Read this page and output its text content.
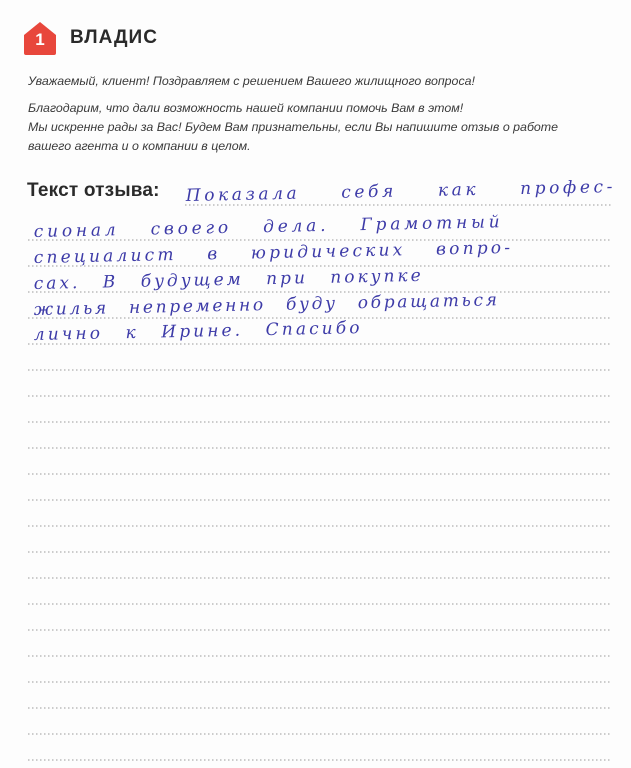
1	ВЛАДИС

Уважаемый, клиент! Поздравляем с решением Вашего жилищного вопроса!

Благодарим, что дали возможность нашей компании помочь Вам в этом!

Мы искренне рады за Вас! Будем Вам признательны, если Вы напишите отзыв о работе

вашего агента и о компании в целом.

Текст отзыва: Показала себя как профес-
сионал своего дела. Грамотный
специалист в юридических вопро-
сах. В будущем при покупке
жилья непременно буду обращаться
лично к Ирине. Спасибо
